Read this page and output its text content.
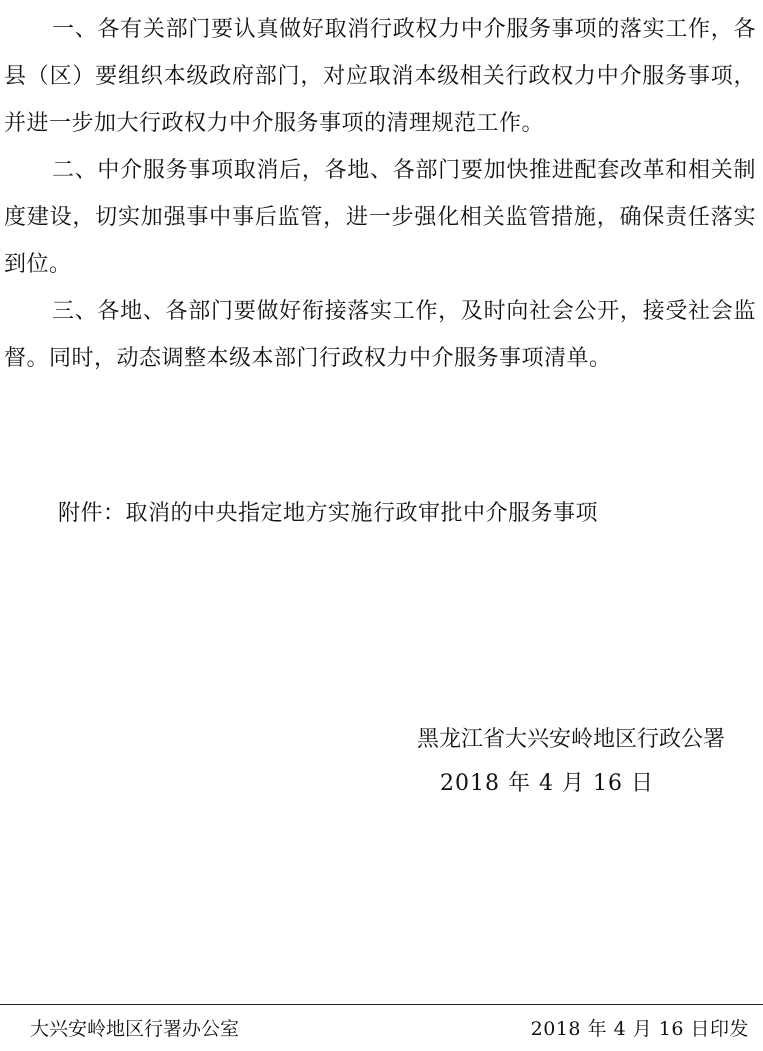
一、各有关部门要认真做好取消行政权力中介服务事项的落实工作，各县（区）要组织本级政府部门，对应取消本级相关行政权力中介服务事项，并进一步加大行政权力中介服务事项的清理规范工作。

二、中介服务事项取消后，各地、各部门要加快推进配套改革和相关制度建设，切实加强事中事后监管，进一步强化相关监管措施，确保责任落实到位。

三、各地、各部门要做好衔接落实工作，及时向社会公开，接受社会监督。同时，动态调整本级本部门行政权力中介服务事项清单。

附件：取消的中央指定地方实施行政审批中介服务事项
黑龙江省大兴安岭地区行政公署
2018 年 4 月 16 日
大兴安岭地区行署办公室	2018 年 4 月 16 日印发
